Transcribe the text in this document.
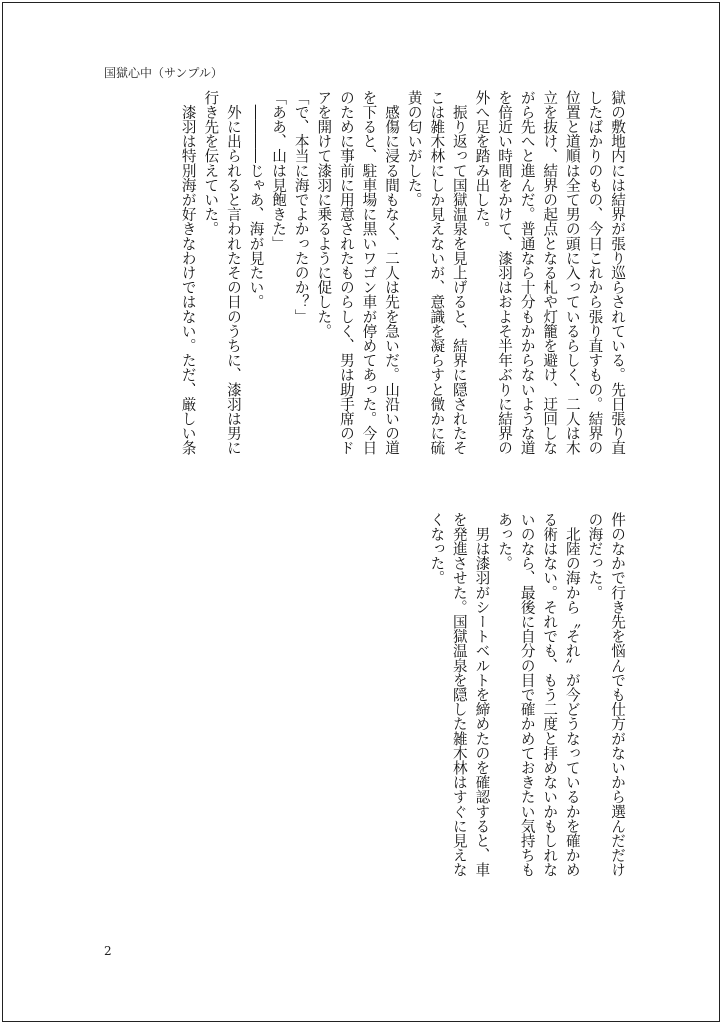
国獄心中（サンプル）
獄の敷地内には結界が張り巡らされている。先日張り直
したばかりのもの、今日これから張り直すもの。結界の
位置と道順は全て男の頭に入っているらしく、二人は木
立を抜け、結界の起点となる札や灯籠を避け、迂回しな
がら先へと進んだ。普通なら十分もかからないような道
を倍近い時間をかけて、漆羽はおよそ半年ぶりに結界の
外へ足を踏み出した。
　振り返って国獄温泉を見上げると、結界に隠されたそ
こは雑木林にしか見えないが、意識を凝らすと微かに硫
黄の匂いがした。
　感傷に浸る間もなく、二人は先を急いだ。山沿いの道
を下ると、駐車場に黒いワゴン車が停めてあった。今日
のために事前に用意されたものらしく、男は助手席のド
アを開けて漆羽に乗るように促した。
「で、本当に海でよかったのか？」
「ああ、山は見飽きた」
　――――じゃあ、海が見たい。
　外に出られると言われたその日のうちに、漆羽は男に
行き先を伝えていた。
　漆羽は特別海が好きなわけではない。ただ、厳しい条
件のなかで行き先を悩んでも仕方がないから選んだだけ
の海だった。
　北陸の海から〝それ〟が今どうなっているかを確かめ
る術はない。それでも、もう二度と拝めないかもしれな
いのなら、最後に自分の目で確かめておきたい気持ちも
あった。
　男は漆羽がシートベルトを締めたのを確認すると、車
を発進させた。国獄温泉を隠した雑木林はすぐに見えな
くなった。
2
